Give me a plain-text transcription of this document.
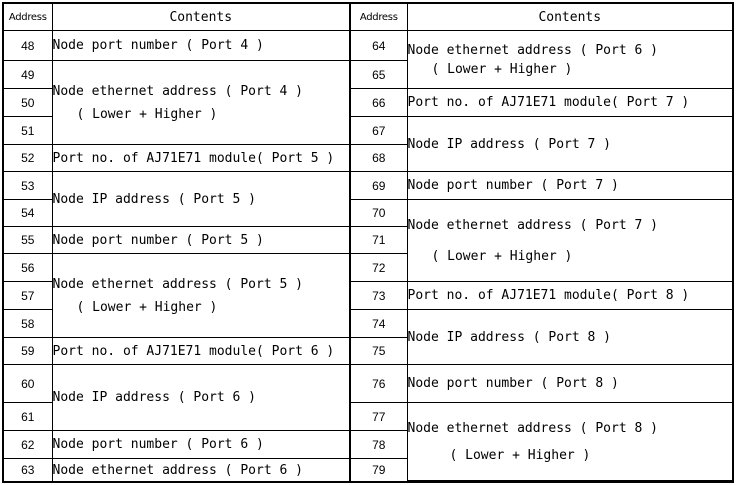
Address	Contents
48	Node port number ( Port 4 )

49	Node ethernet address ( Port 4 )
( Lower + Higher )

50	
51	
52	Port no. of AJ71E71 module( Port 5 )

53	Node IP address ( Port 5 )

54	
55	Node port number ( Port 5 )

56	Node ethernet address ( Port 5 )
( Lower + Higher )

57	
58	
59	Port no. of AJ71E71 module( Port 6 )

60	Node IP address ( Port 6 )

61	
62	Node port number ( Port 6 )

63	Node ethernet address ( Port 6 )
Address	Contents
64	Node ethernet address ( Port 6 )
( Lower + Higher )

65	
66	Port no. of AJ71E71 module( Port 7 )

67	Node IP address ( Port 7 )

68	
69	Node port number ( Port 7 )

70	Node ethernet address ( Port 7 )
( Lower + Higher )

71	
72	
73	Port no. of AJ71E71 module( Port 8 )

74	Node IP address ( Port 8 )

75	
76	Node port number ( Port 8 )

77	Node ethernet address ( Port 8 )
( Lower + Higher )

78	
79	
